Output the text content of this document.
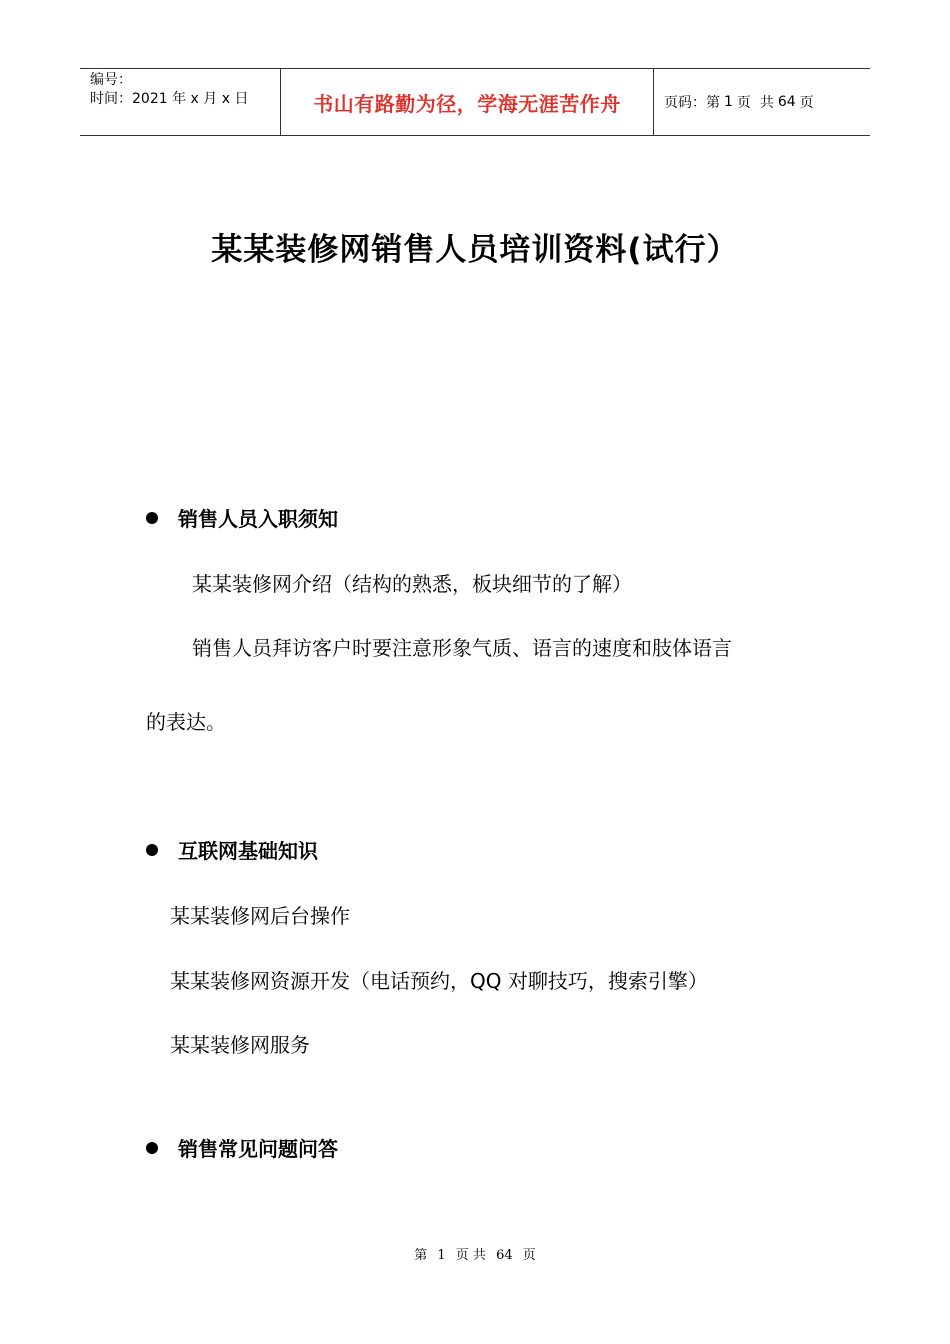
编号：
时间：2021 年 x 月 x 日	书山有路勤为径，学海无涯苦作舟	页码：第 1 页  共 64 页
某某装修网销售人员培训资料(试行）
销售人员入职须知
某某装修网介绍（结构的熟悉，板块细节的了解）
销售人员拜访客户时要注意形象气质、语言的速度和肢体语言
的表达。
互联网基础知识
某某装修网后台操作
某某装修网资源开发（电话预约，QQ 对聊技巧，搜索引擎）
某某装修网服务
销售常见问题问答
第 1 页 共 64 页
